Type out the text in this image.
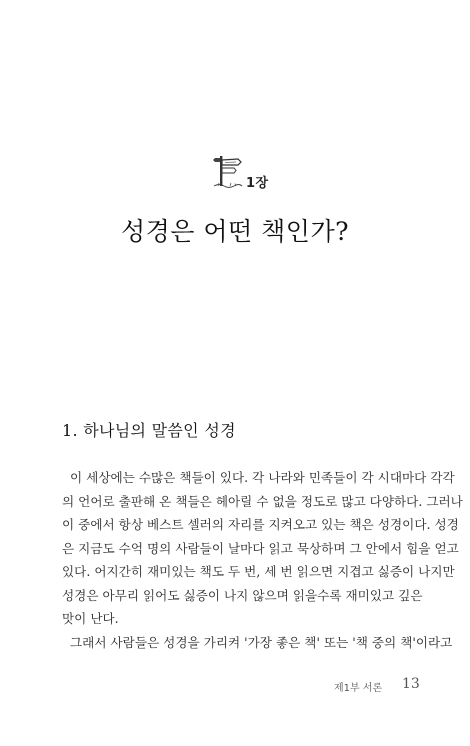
1장
성경은 어떤 책인가?
1. 하나님의 말씀인 성경
이 세상에는 수많은 책들이 있다. 각 나라와 민족들이 각 시대마다 각각
의 언어로 출판해 온 책들은 헤아릴 수 없을 정도로 많고 다양하다. 그러나
이 중에서 항상 베스트 셀러의 자리를 지켜오고 있는 책은 성경이다. 성경
은 지금도 수억 명의 사람들이 날마다 읽고 묵상하며 그 안에서 힘을 얻고
있다. 어지간히 재미있는 책도 두 번, 세 번 읽으면 지겹고 싫증이 나지만
성경은 아무리 읽어도 싫증이 나지 않으며 읽을수록 재미있고 깊은
맛이 난다.
그래서 사람들은 성경을 가리켜 '가장 좋은 책' 또는 '책 중의 책'이라고
제1부 서론 13
